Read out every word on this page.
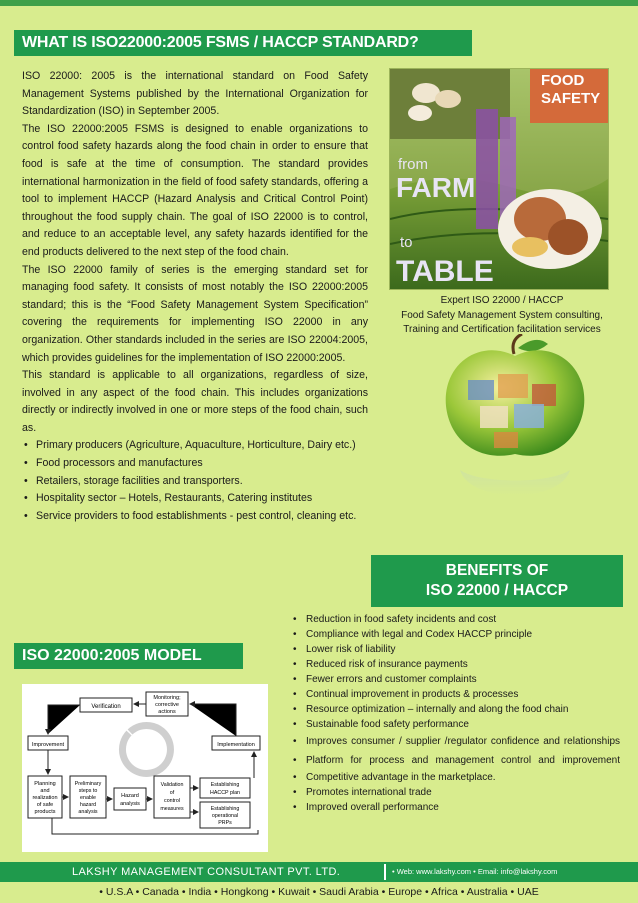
WHAT IS ISO22000:2005 FSMS / HACCP STANDARD?

ISO 22000: 2005 is the international standard on Food Safety Management Systems published by the International Organization for Standardization (ISO) in September 2005.

The ISO 22000:2005 FSMS is designed to enable organizations to control food safety hazards along the food chain in order to ensure that food is safe at the time of consumption. The standard provides international harmonization in the field of food safety standards, offering a tool to implement HACCP (Hazard Analysis and Critical Control Point) throughout the food supply chain. The goal of ISO 22000 is to control, and reduce to an acceptable level, any safety hazards identified for the end products delivered to the next step of the food chain.

The ISO 22000 family of series is the emerging standard set for managing food safety. It consists of most notably the ISO 22000:2005 standard; this is the “Food Safety Management System Specification” covering the requirements for implementing ISO 22000 in any organization. Other standards included in the series are ISO 22004:2005, which provides guidelines for the implementation of ISO 22000:2005.

This standard is applicable to all organizations, regardless of size, involved in any aspect of the food chain. This includes organizations directly or indirectly involved in one or more steps of the food chain, such as.

• Primary producers (Agriculture, Aquaculture, Horticulture, Dairy etc.)
• Food processors and manufactures
• Retailers, storage facilities and transporters.
• Hospitality sector – Hotels, Restaurants, Catering institutes
• Service providers to food establishments - pest control, cleaning etc.
FOOD
SAFETY
from
FARM
to
TABLE
Expert ISO 22000 / HACCP
Food Safety Management System consulting,
Training and Certification facilitation services
BENEFITS OF
ISO 22000 / HACCP
• Reduction in food safety incidents and cost
• Compliance with legal and Codex HACCP principle
• Lower risk of liability
• Reduced risk of insurance payments
• Fewer errors and customer complaints
• Continual improvement in products & processes
• Resource optimization – internally and along the food chain
• Sustainable food safety performance
• Improves consumer / supplier /regulator confidence and relationships
• Platform for process and management control and improvement
• Competitive advantage in the marketplace.
• Promotes international trade
• Improved overall performance
ISO 22000:2005 MODEL
Verification
Monitoring;
corrective
actions
Improvement	Implementation
Planning
and
realization
of safe
products
Preliminary
steps to
enable
hazard
analysis
Hazard
analysis
Validation
of
control
measures
Establishing
HACCP plan
Establishing
operational
PRPs
LAKSHY MANAGEMENT CONSULTANT PVT. LTD.	• Web: www.lakshy.com • Email: info@lakshy.com
• U.S.A • Canada • India • Hongkong • Kuwait • Saudi Arabia • Europe • Africa • Australia • UAE
